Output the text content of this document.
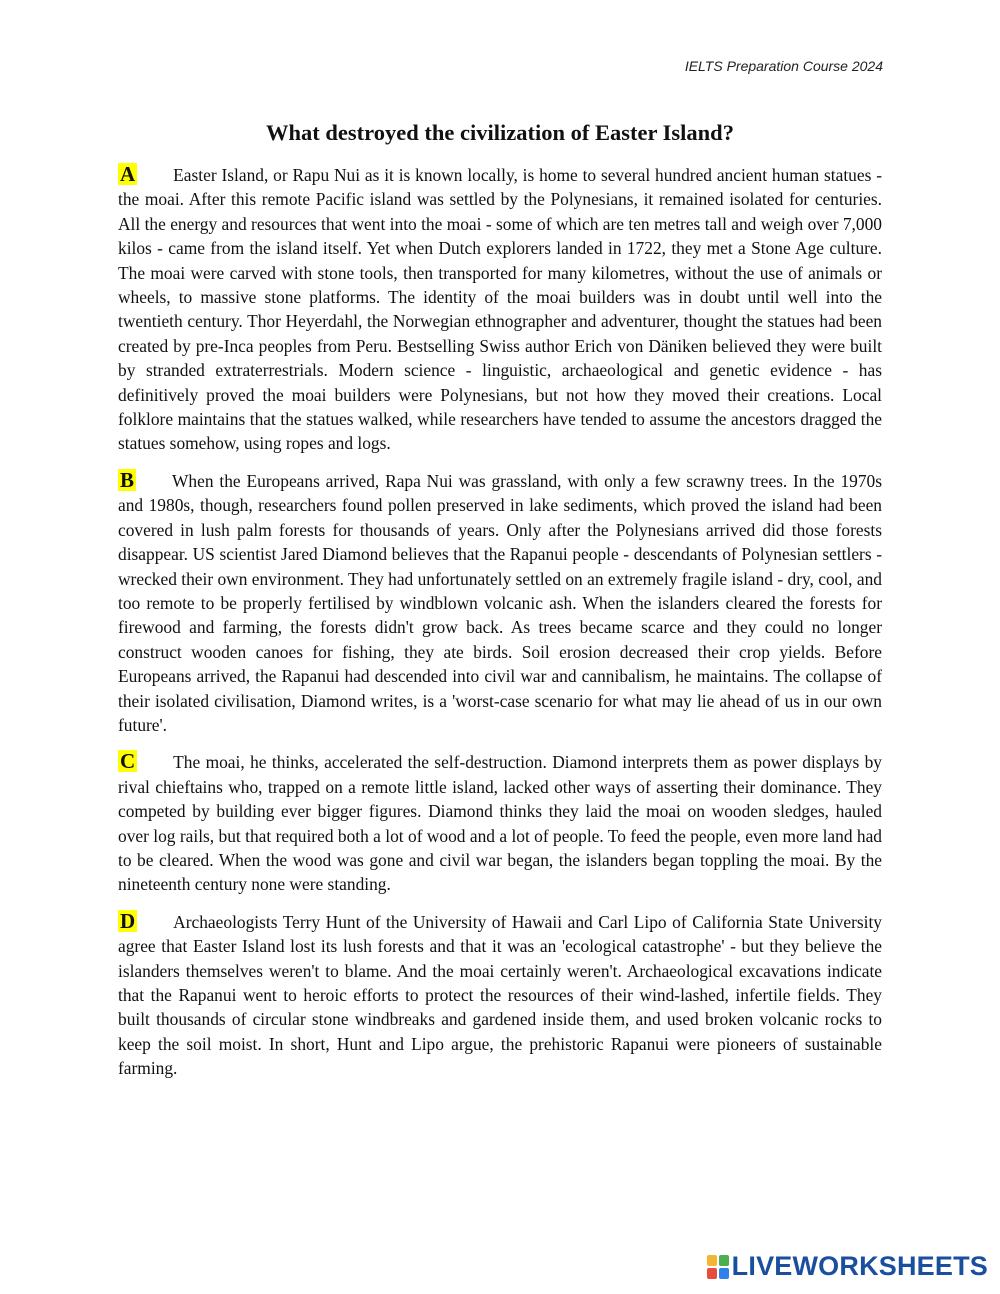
IELTS Preparation Course 2024
What destroyed the civilization of Easter Island?

A Easter Island, or Rapu Nui as it is known locally, is home to several hundred ancient human statues - the moai. After this remote Pacific island was settled by the Polynesians, it remained isolated for centuries. All the energy and resources that went into the moai - some of which are ten metres tall and weigh over 7,000 kilos - came from the island itself. Yet when Dutch explorers landed in 1722, they met a Stone Age culture. The moai were carved with stone tools, then transported for many kilometres, without the use of animals or wheels, to massive stone platforms. The identity of the moai builders was in doubt until well into the twentieth century. Thor Heyerdahl, the Norwegian ethnographer and adventurer, thought the statues had been created by pre-Inca peoples from Peru. Bestselling Swiss author Erich von Däniken believed they were built by stranded extraterrestrials. Modern science - linguistic, archaeological and genetic evidence - has definitively proved the moai builders were Polynesians, but not how they moved their creations. Local folklore maintains that the statues walked, while researchers have tended to assume the ancestors dragged the statues somehow, using ropes and logs.

B When the Europeans arrived, Rapa Nui was grassland, with only a few scrawny trees. In the 1970s and 1980s, though, researchers found pollen preserved in lake sediments, which proved the island had been covered in lush palm forests for thousands of years. Only after the Polynesians arrived did those forests disappear. US scientist Jared Diamond believes that the Rapanui people - descendants of Polynesian settlers - wrecked their own environment. They had unfortunately settled on an extremely fragile island - dry, cool, and too remote to be properly fertilised by windblown volcanic ash. When the islanders cleared the forests for firewood and farming, the forests didn't grow back. As trees became scarce and they could no longer construct wooden canoes for fishing, they ate birds. Soil erosion decreased their crop yields. Before Europeans arrived, the Rapanui had descended into civil war and cannibalism, he maintains. The collapse of their isolated civilisation, Diamond writes, is a 'worst-case scenario for what may lie ahead of us in our own future'.

C The moai, he thinks, accelerated the self-destruction. Diamond interprets them as power displays by rival chieftains who, trapped on a remote little island, lacked other ways of asserting their dominance. They competed by building ever bigger figures. Diamond thinks they laid the moai on wooden sledges, hauled over log rails, but that required both a lot of wood and a lot of people. To feed the people, even more land had to be cleared. When the wood was gone and civil war began, the islanders began toppling the moai. By the nineteenth century none were standing.

D Archaeologists Terry Hunt of the University of Hawaii and Carl Lipo of California State University agree that Easter Island lost its lush forests and that it was an 'ecological catastrophe' - but they believe the islanders themselves weren't to blame. And the moai certainly weren't. Archaeological excavations indicate that the Rapanui went to heroic efforts to protect the resources of their wind-lashed, infertile fields. They built thousands of circular stone windbreaks and gardened inside them, and used broken volcanic rocks to keep the soil moist. In short, Hunt and Lipo argue, the prehistoric Rapanui were pioneers of sustainable farming.

LIVEWORKSHEETS
